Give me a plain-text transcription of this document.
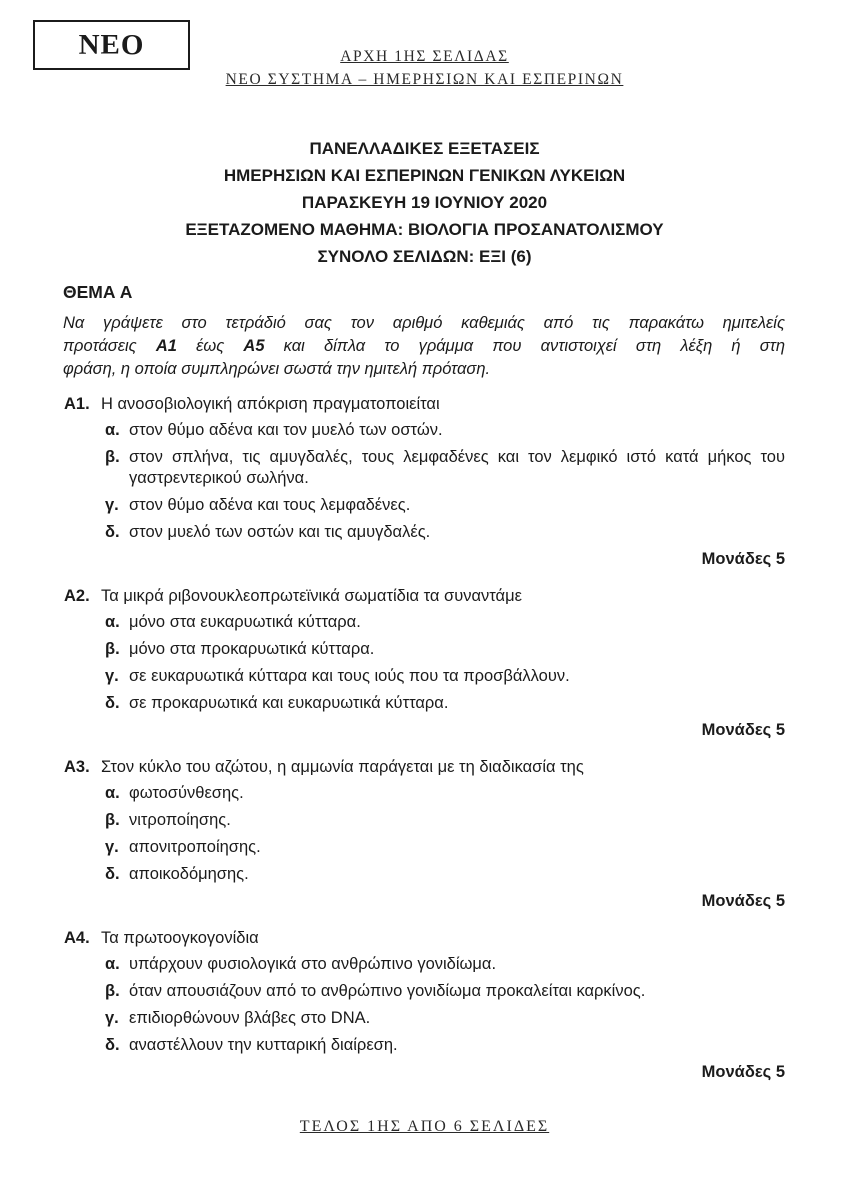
ΝΕΟ	ΑΡΧΗ 1ΗΣ ΣΕΛΙΔΑΣ
ΝΕΟ ΣΥΣΤΗΜΑ – ΗΜΕΡΗΣΙΩΝ ΚΑΙ ΕΣΠΕΡΙΝΩΝ
ΠΑΝΕΛΛΑΔΙΚΕΣ ΕΞΕΤΑΣΕΙΣ
ΗΜΕΡΗΣΙΩΝ ΚΑΙ ΕΣΠΕΡΙΝΩΝ ΓΕΝΙΚΩΝ ΛΥΚΕΙΩΝ
ΠΑΡΑΣΚΕΥΗ 19 ΙΟΥΝΙΟΥ 2020
ΕΞΕΤΑΖΟΜΕΝΟ ΜΑΘΗΜΑ: ΒΙΟΛΟΓΙΑ ΠΡΟΣΑΝΑΤΟΛΙΣΜΟΥ
ΣΥΝΟΛΟ ΣΕΛΙΔΩΝ: ΕΞΙ (6)
ΘΕΜΑ Α
Να γράψετε στο τετράδιό σας τον αριθμό καθεμιάς από τις παρακάτω ημιτελείς
προτάσεις Α1 έως Α5 και δίπλα το γράμμα που αντιστοιχεί στη λέξη ή στη
φράση, η οποία συμπληρώνει σωστά την ημιτελή πρόταση.
Α1. Η ανοσοβιολογική απόκριση πραγματοποιείται
α. στον θύμο αδένα και τον μυελό των οστών.
β. στον σπλήνα, τις αμυγδαλές, τους λεμφαδένες και τον λεμφικό ιστό κατά μήκος του γαστρεντερικού σωλήνα.
γ. στον θύμο αδένα και τους λεμφαδένες.
δ. στον μυελό των οστών και τις αμυγδαλές.
Μονάδες 5
Α2. Τα μικρά ριβονουκλεοπρωτεϊνικά σωματίδια τα συναντάμε
α. μόνο στα ευκαρυωτικά κύτταρα.
β. μόνο στα προκαρυωτικά κύτταρα.
γ. σε ευκαρυωτικά κύτταρα και τους ιούς που τα προσβάλλουν.
δ. σε προκαρυωτικά και ευκαρυωτικά κύτταρα.
Μονάδες 5
Α3. Στον κύκλο του αζώτου, η αμμωνία παράγεται με τη διαδικασία της
α. φωτοσύνθεσης.
β. νιτροποίησης.
γ. απονιτροποίησης.
δ. αποικοδόμησης.
Μονάδες 5
Α4. Τα πρωτοογκογονίδια
α. υπάρχουν φυσιολογικά στο ανθρώπινο γονιδίωμα.
β. όταν απουσιάζουν από το ανθρώπινο γονιδίωμα προκαλείται καρκίνος.
γ. επιδιορθώνουν βλάβες στο DNA.
δ. αναστέλλουν την κυτταρική διαίρεση.
Μονάδες 5
ΤΕΛΟΣ 1ΗΣ ΑΠΟ 6 ΣΕΛΙΔΕΣ
